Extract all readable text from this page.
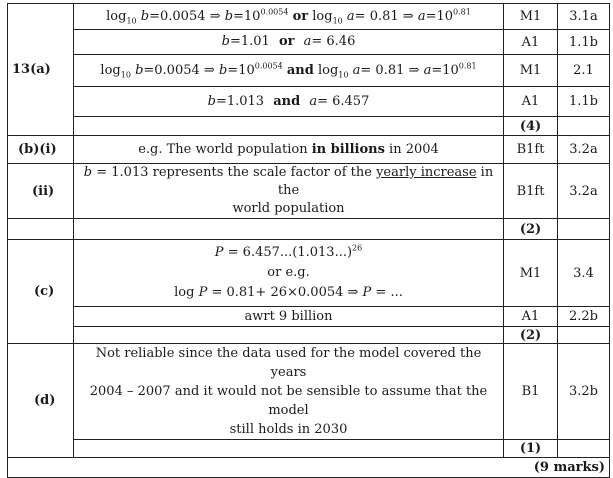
13(a)	$\log_{10} b=0.0054$ ⇒ $b=10^{0.0054}$ or $\log_{10} a= 0.81$ ⇒ $a=10^{0.81}$	M1	3.1a
	b=1.01 or a= 6.46	A1	1.1b
	$\log_{10} b=0.0054$ ⇒ $b=10^{0.0054}$ and $\log_{10} a= 0.81$ ⇒ $a=10^{0.81}$	M1	2.1
	b=1.013 and a= 6.457	A1	1.1b
		(4)	
(b)(i)	e.g. The world population in billions in 2004	B1ft	3.2a
(ii)	b = 1.013 represents the scale factor of the yearly increase in the
world population	B1ft	3.2a
		(2)	
(c)	$P = 6.457...(1.013...)^{26}$
or e.g.
log P = 0.81+ 26×0.0054 ⇒ P = ...	M1	3.4
	awrt 9 billion	A1	2.2b
		(2)	
(d)	Not reliable since the data used for the model covered the years
2004 – 2007 and it would not be sensible to assume that the model
still holds in 2030	B1	3.2b
		(1)	
(9 marks)			
